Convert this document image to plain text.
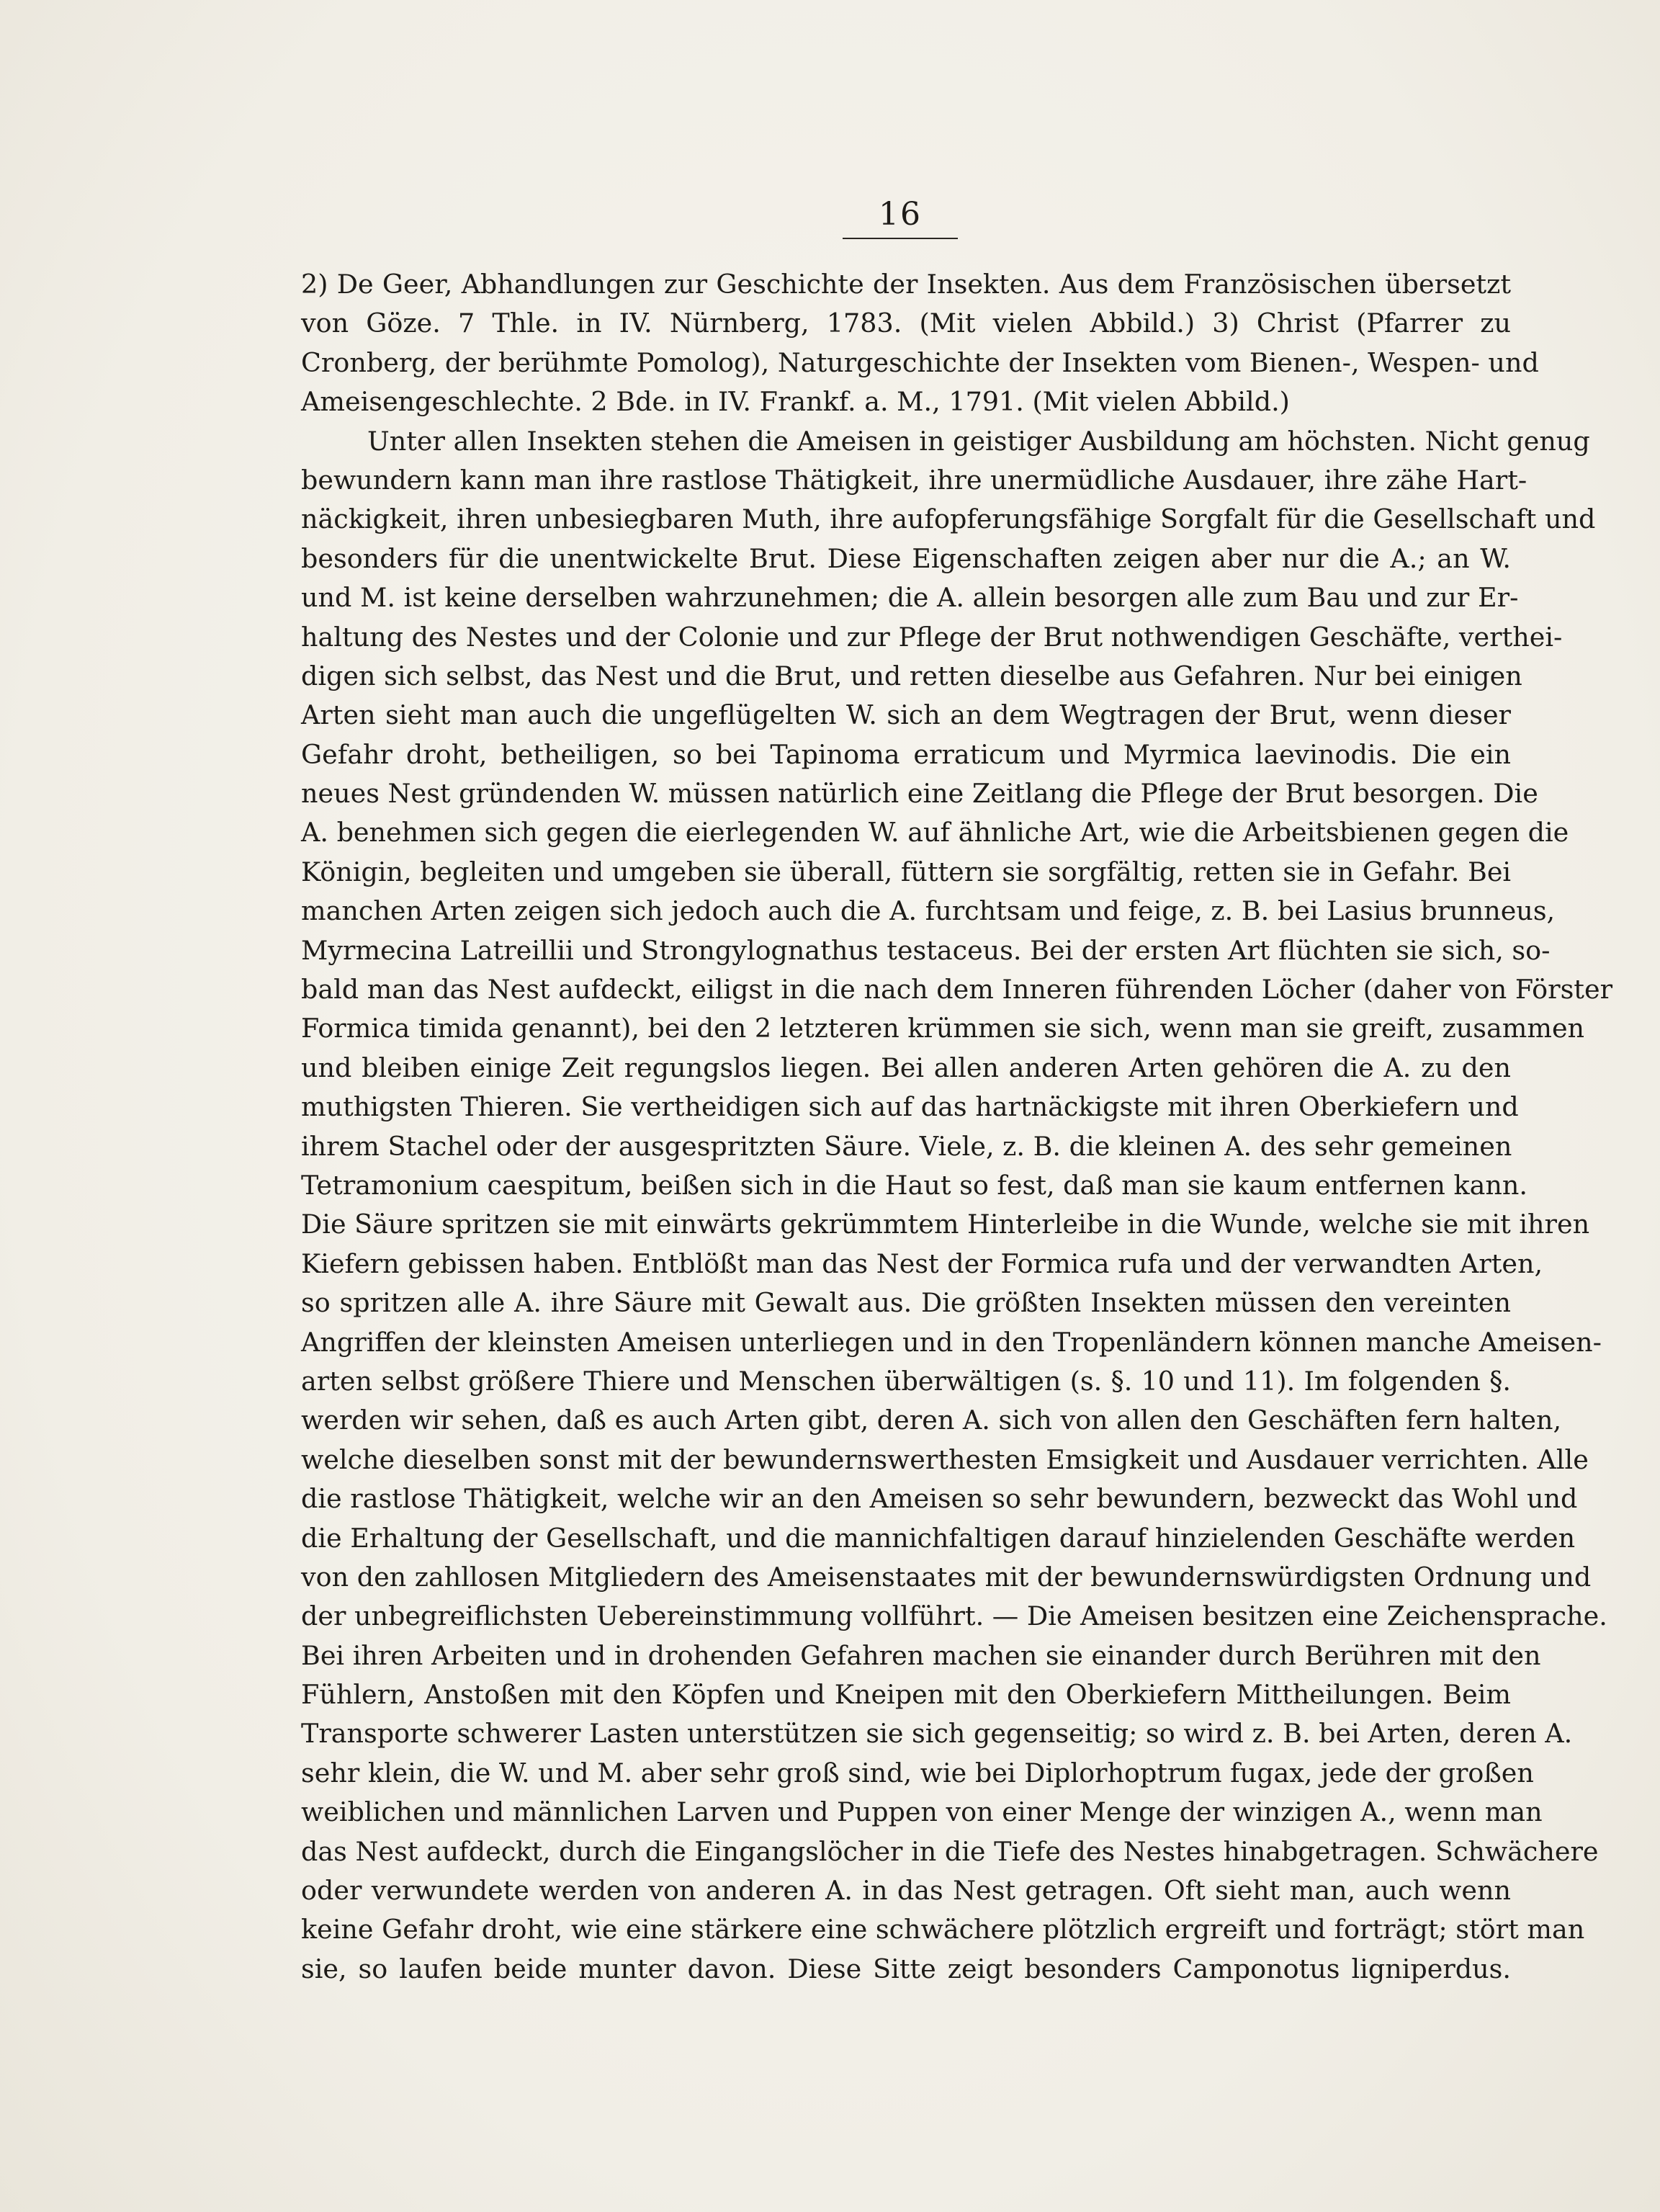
16
2) De Geer, Abhandlungen zur Geschichte der Insekten. Aus dem Französischen übersetzt
von Göze. 7 Thle. in IV. Nürnberg, 1783. (Mit vielen Abbild.) 3) Christ (Pfarrer zu
Cronberg, der berühmte Pomolog), Naturgeschichte der Insekten vom Bienen-, Wespen- und
Ameisengeschlechte. 2 Bde. in IV. Frankf. a. M., 1791. (Mit vielen Abbild.)
Unter allen Insekten stehen die Ameisen in geistiger Ausbildung am höchsten. Nicht genug
bewundern kann man ihre rastlose Thätigkeit, ihre unermüdliche Ausdauer, ihre zähe Hart-
näckigkeit, ihren unbesiegbaren Muth, ihre aufopferungsfähige Sorgfalt für die Gesellschaft und
besonders für die unentwickelte Brut. Diese Eigenschaften zeigen aber nur die A.; an W.
und M. ist keine derselben wahrzunehmen; die A. allein besorgen alle zum Bau und zur Er-
haltung des Nestes und der Colonie und zur Pflege der Brut nothwendigen Geschäfte, verthei-
digen sich selbst, das Nest und die Brut, und retten dieselbe aus Gefahren. Nur bei einigen
Arten sieht man auch die ungeflügelten W. sich an dem Wegtragen der Brut, wenn dieser
Gefahr droht, betheiligen, so bei Tapinoma erraticum und Myrmica laevinodis. Die ein
neues Nest gründenden W. müssen natürlich eine Zeitlang die Pflege der Brut besorgen. Die
A. benehmen sich gegen die eierlegenden W. auf ähnliche Art, wie die Arbeitsbienen gegen die
Königin, begleiten und umgeben sie überall, füttern sie sorgfältig, retten sie in Gefahr. Bei
manchen Arten zeigen sich jedoch auch die A. furchtsam und feige, z. B. bei Lasius brunneus,
Myrmecina Latreillii und Strongylognathus testaceus. Bei der ersten Art flüchten sie sich, so-
bald man das Nest aufdeckt, eiligst in die nach dem Inneren führenden Löcher (daher von Förster
Formica timida genannt), bei den 2 letzteren krümmen sie sich, wenn man sie greift, zusammen
und bleiben einige Zeit regungslos liegen. Bei allen anderen Arten gehören die A. zu den
muthigsten Thieren. Sie vertheidigen sich auf das hartnäckigste mit ihren Oberkiefern und
ihrem Stachel oder der ausgespritzten Säure. Viele, z. B. die kleinen A. des sehr gemeinen
Tetramonium caespitum, beißen sich in die Haut so fest, daß man sie kaum entfernen kann.
Die Säure spritzen sie mit einwärts gekrümmtem Hinterleibe in die Wunde, welche sie mit ihren
Kiefern gebissen haben. Entblößt man das Nest der Formica rufa und der verwandten Arten,
so spritzen alle A. ihre Säure mit Gewalt aus. Die größten Insekten müssen den vereinten
Angriffen der kleinsten Ameisen unterliegen und in den Tropenländern können manche Ameisen-
arten selbst größere Thiere und Menschen überwältigen (s. §. 10 und 11). Im folgenden §.
werden wir sehen, daß es auch Arten gibt, deren A. sich von allen den Geschäften fern halten,
welche dieselben sonst mit der bewundernswerthesten Emsigkeit und Ausdauer verrichten. Alle
die rastlose Thätigkeit, welche wir an den Ameisen so sehr bewundern, bezweckt das Wohl und
die Erhaltung der Gesellschaft, und die mannichfaltigen darauf hinzielenden Geschäfte werden
von den zahllosen Mitgliedern des Ameisenstaates mit der bewundernswürdigsten Ordnung und
der unbegreiflichsten Uebereinstimmung vollführt. — Die Ameisen besitzen eine Zeichensprache.
Bei ihren Arbeiten und in drohenden Gefahren machen sie einander durch Berühren mit den
Fühlern, Anstoßen mit den Köpfen und Kneipen mit den Oberkiefern Mittheilungen. Beim
Transporte schwerer Lasten unterstützen sie sich gegenseitig; so wird z. B. bei Arten, deren A.
sehr klein, die W. und M. aber sehr groß sind, wie bei Diplorhoptrum fugax, jede der großen
weiblichen und männlichen Larven und Puppen von einer Menge der winzigen A., wenn man
das Nest aufdeckt, durch die Eingangslöcher in die Tiefe des Nestes hinabgetragen. Schwächere
oder verwundete werden von anderen A. in das Nest getragen. Oft sieht man, auch wenn
keine Gefahr droht, wie eine stärkere eine schwächere plötzlich ergreift und forträgt; stört man
sie, so laufen beide munter davon. Diese Sitte zeigt besonders Camponotus ligniperdus.
